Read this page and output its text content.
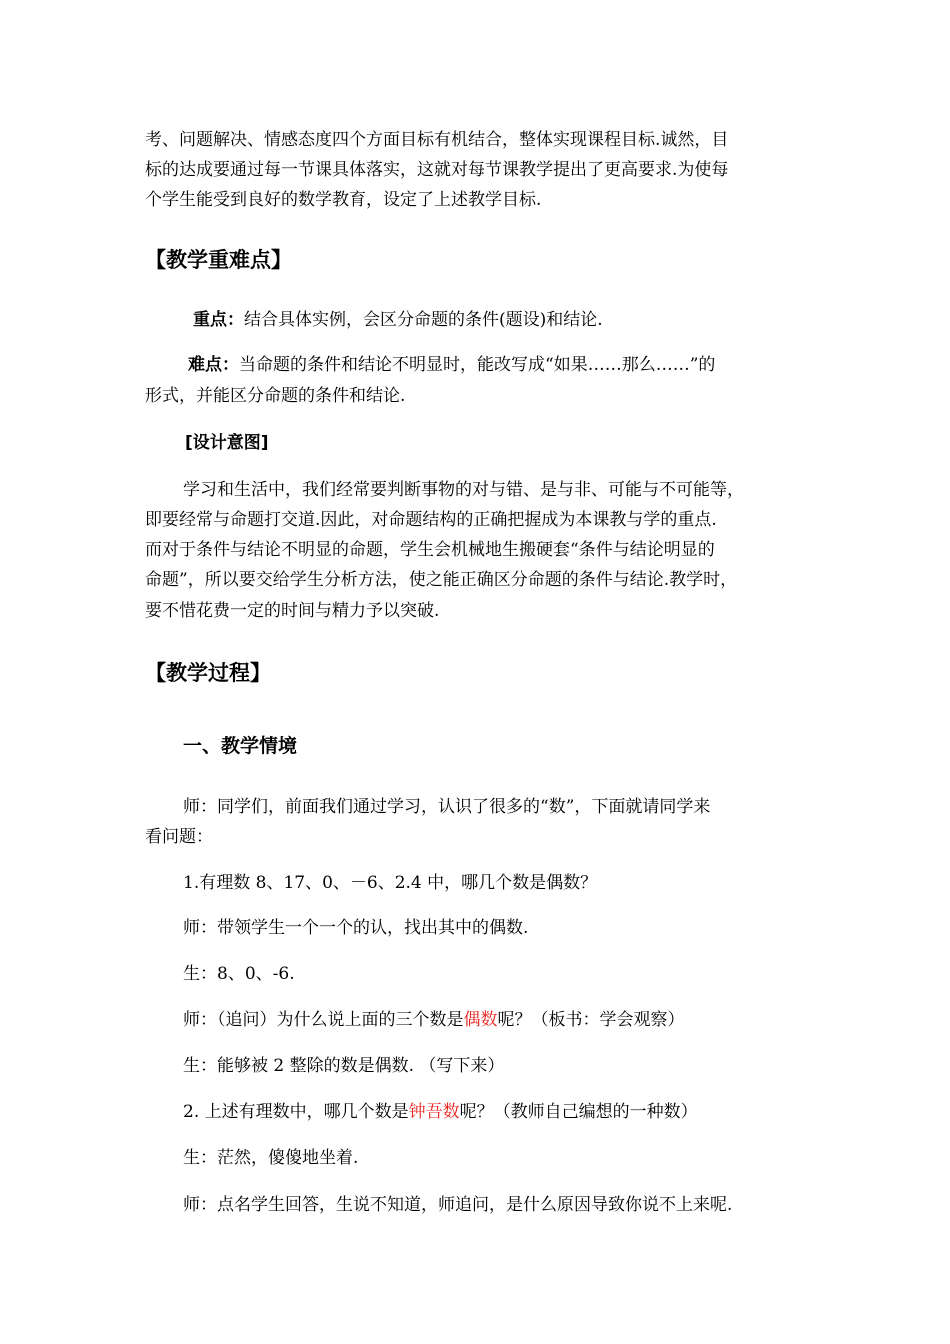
考、问题解决、情感态度四个方面目标有机结合，整体实现课程目标.诚然，目

标的达成要通过每一节课具体落实，这就对每节课教学提出了更高要求.为使每

个学生能受到良好的数学教育，设定了上述教学目标.

【教学重难点】

重点：结合具体实例，会区分命题的条件(题设)和结论.

难点：当命题的条件和结论不明显时，能改写成“如果……那么……”的

形式，并能区分命题的条件和结论.

[设计意图]

学习和生活中，我们经常要判断事物的对与错、是与非、可能与不可能等，

即要经常与命题打交道.因此，对命题结构的正确把握成为本课教与学的重点.

而对于条件与结论不明显的命题，学生会机械地生搬硬套“条件与结论明显的

命题”，所以要交给学生分析方法，使之能正确区分命题的条件与结论.教学时，

要不惜花费一定的时间与精力予以突破.

【教学过程】
一、教学情境

师：同学们，前面我们通过学习，认识了很多的“数”，下面就请同学来

看问题：

1.有理数 8、17、0、－6、2.4 中，哪几个数是偶数？

师：带领学生一个一个的认，找出其中的偶数.

生：8、0、-6.

师：（追问）为什么说上面的三个数是偶数呢？（板书：学会观察）

生：能够被 2 整除的数是偶数. （写下来）

2. 上述有理数中，哪几个数是钟吾数呢？（教师自己编想的一种数）

生：茫然，傻傻地坐着.

师：点名学生回答，生说不知道，师追问，是什么原因导致你说不上来呢.
